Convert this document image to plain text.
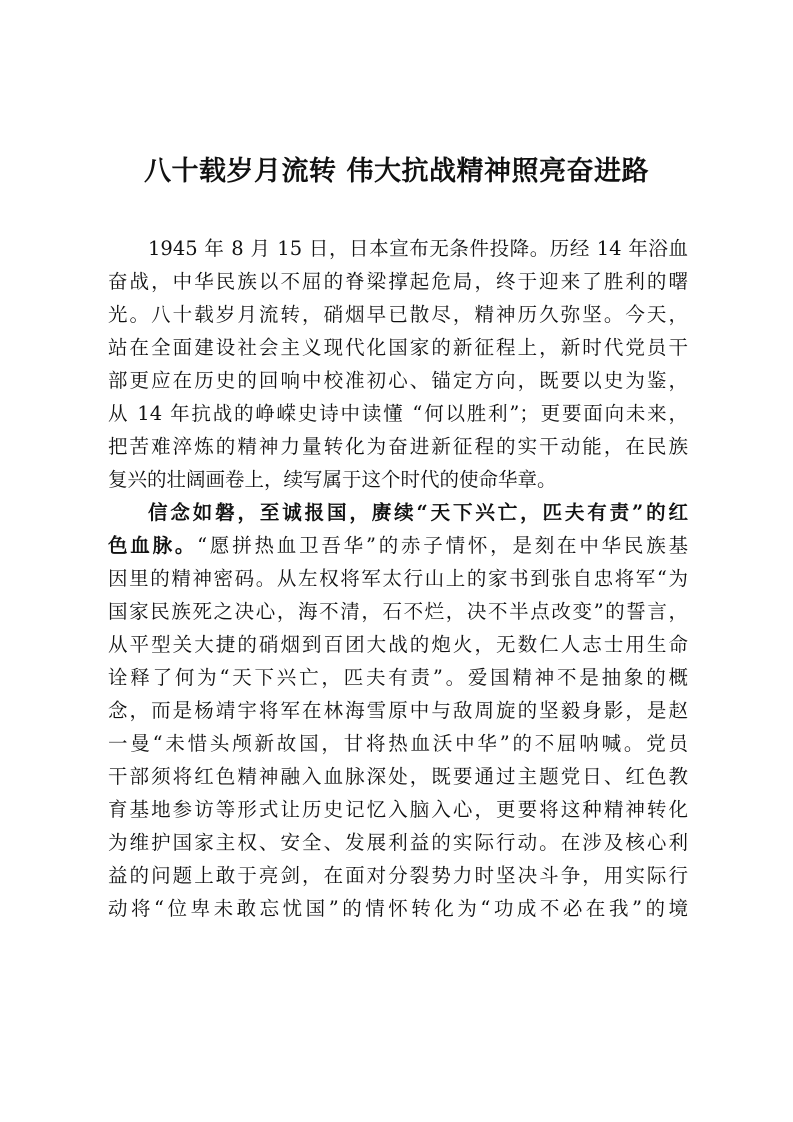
八十载岁月流转 伟大抗战精神照亮奋进路
1945 年 8 月 15 日，日本宣布无条件投降。历经 14 年浴血
奋战，中华民族以不屈的脊梁撑起危局，终于迎来了胜利的曙
光。八十载岁月流转，硝烟早已散尽，精神历久弥坚。今天，
站在全面建设社会主义现代化国家的新征程上，新时代党员干
部更应在历史的回响中校准初心、锚定方向，既要以史为鉴，
从 14 年抗战的峥嵘史诗中读懂 “何以胜利”；更要面向未来，
把苦难淬炼的精神力量转化为奋进新征程的实干动能，在民族
复兴的壮阔画卷上，续写属于这个时代的使命华章。
信念如磐，至诚报国，赓续“天下兴亡，匹夫有责”的红
色血脉。“愿拼热血卫吾华”的赤子情怀，是刻在中华民族基
因里的精神密码。从左权将军太行山上的家书到张自忠将军“为
国家民族死之决心，海不清，石不烂，决不半点改变”的誓言，
从平型关大捷的硝烟到百团大战的炮火，无数仁人志士用生命
诠释了何为“天下兴亡，匹夫有责”。爱国精神不是抽象的概
念，而是杨靖宇将军在林海雪原中与敌周旋的坚毅身影，是赵
一曼“未惜头颅新故国，甘将热血沃中华”的不屈呐喊。党员
干部须将红色精神融入血脉深处，既要通过主题党日、红色教
育基地参访等形式让历史记忆入脑入心，更要将这种精神转化
为维护国家主权、安全、发展利益的实际行动。在涉及核心利
益的问题上敢于亮剑，在面对分裂势力时坚决斗争，用实际行
动将“位卑未敢忘忧国”的情怀转化为“功成不必在我”的境
